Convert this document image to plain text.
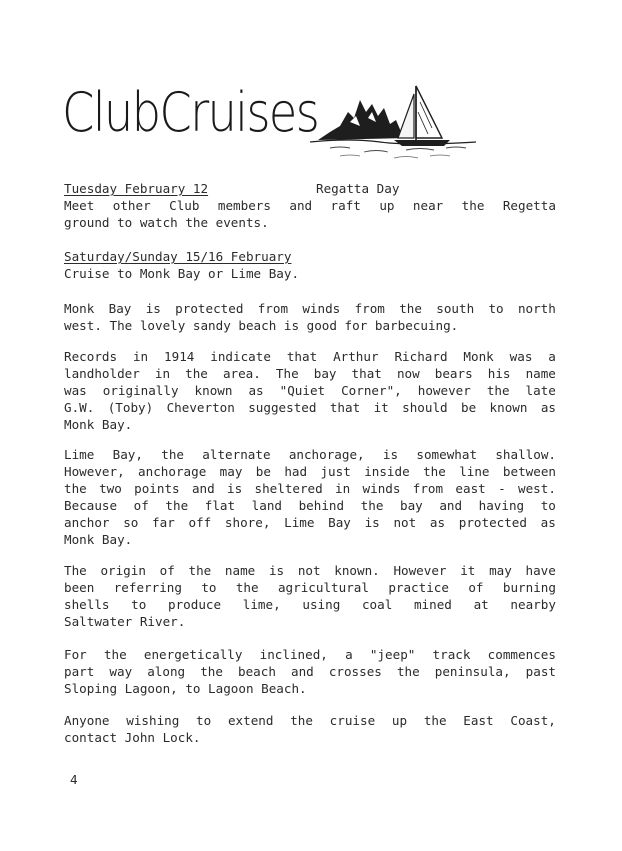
ClubCruises
Tuesday February 12	Regatta Day
Meet other Club members and raft up near the Regetta
ground to watch the events.
Saturday/Sunday 15/16 February
Cruise to Monk Bay or Lime Bay.
Monk Bay is protected from winds from the south to north
west. The lovely sandy beach is good for barbecuing.
Records in 1914 indicate that Arthur Richard Monk was a
landholder in the area. The bay that now bears his name
was originally known as "Quiet Corner", however the late
G.W. (Toby) Cheverton suggested that it should be known as
Monk Bay.
Lime Bay, the alternate anchorage, is somewhat shallow.
However, anchorage may be had just inside the line between
the two points and is sheltered in winds from east - west.
Because of the flat land behind the bay and having to
anchor so far off shore, Lime Bay is not as protected as
Monk Bay.
The origin of the name is not known. However it may have
been referring to the agricultural practice of burning
shells to produce lime, using coal mined at nearby
Saltwater River.
For the energetically inclined, a "jeep" track commences
part way along the beach and crosses the peninsula, past
Sloping Lagoon, to Lagoon Beach.
Anyone wishing to extend the cruise up the East Coast,
contact John Lock.
4
